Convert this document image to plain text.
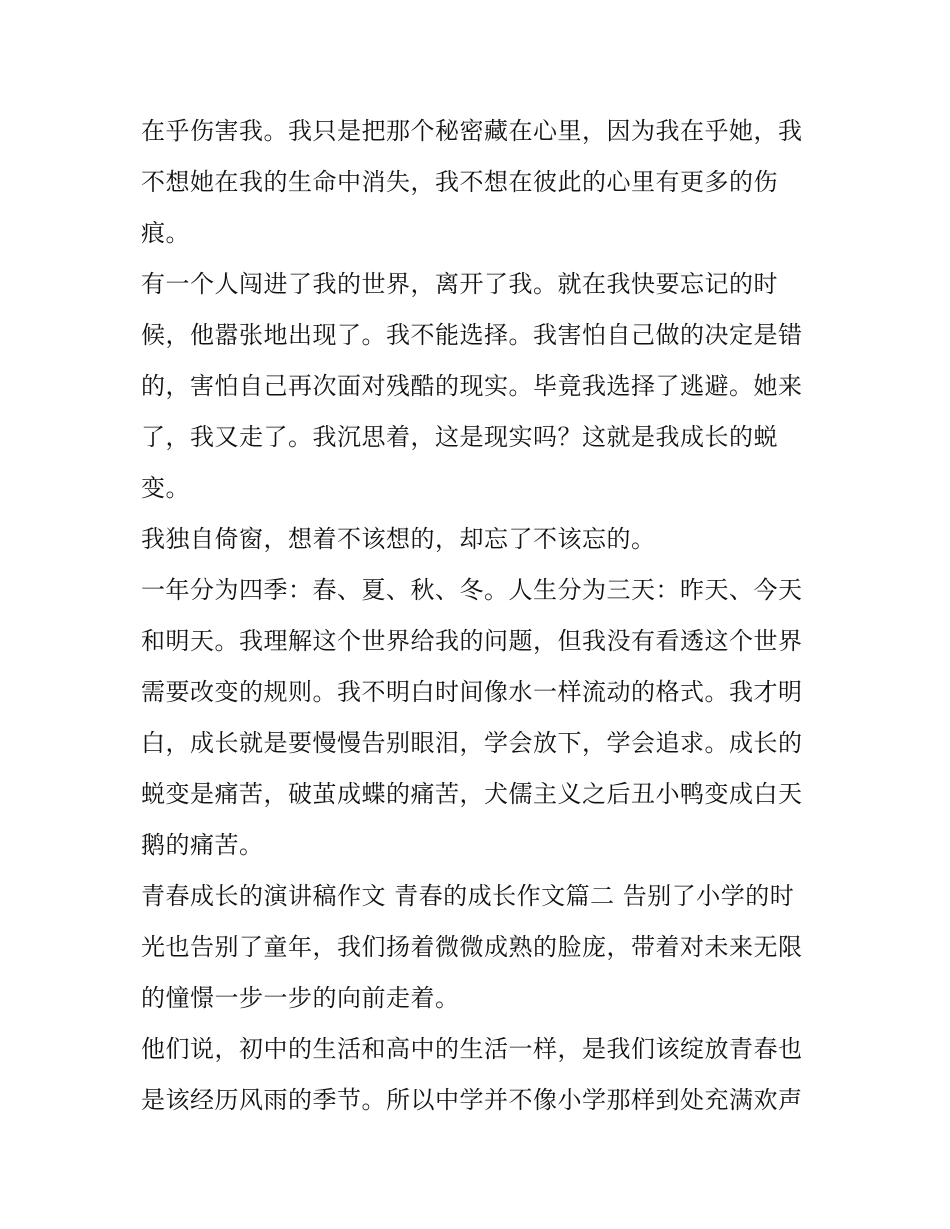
在乎伤害我。我只是把那个秘密藏在心里，因为我在乎她，我不想她在我的生命中消失，我不想在彼此的心里有更多的伤痕。

有一个人闯进了我的世界，离开了我。就在我快要忘记的时候，他嚣张地出现了。我不能选择。我害怕自己做的决定是错的，害怕自己再次面对残酷的现实。毕竟我选择了逃避。她来了，我又走了。我沉思着，这是现实吗？这就是我成长的蜕变。

我独自倚窗，想着不该想的，却忘了不该忘的。

一年分为四季：春、夏、秋、冬。人生分为三天：昨天、今天和明天。我理解这个世界给我的问题，但我没有看透这个世界需要改变的规则。我不明白时间像水一样流动的格式。我才明白，成长就是要慢慢告别眼泪，学会放下，学会追求。成长的蜕变是痛苦，破茧成蝶的痛苦，犬儒主义之后丑小鸭变成白天鹅的痛苦。

青春成长的演讲稿作文 青春的成长作文篇二 告别了小学的时光也告别了童年，我们扬着微微成熟的脸庞，带着对未来无限的憧憬一步一步的向前走着。

他们说，初中的生活和高中的生活一样，是我们该绽放青春也是该经历风雨的季节。所以中学并不像小学那样到处充满欢声
